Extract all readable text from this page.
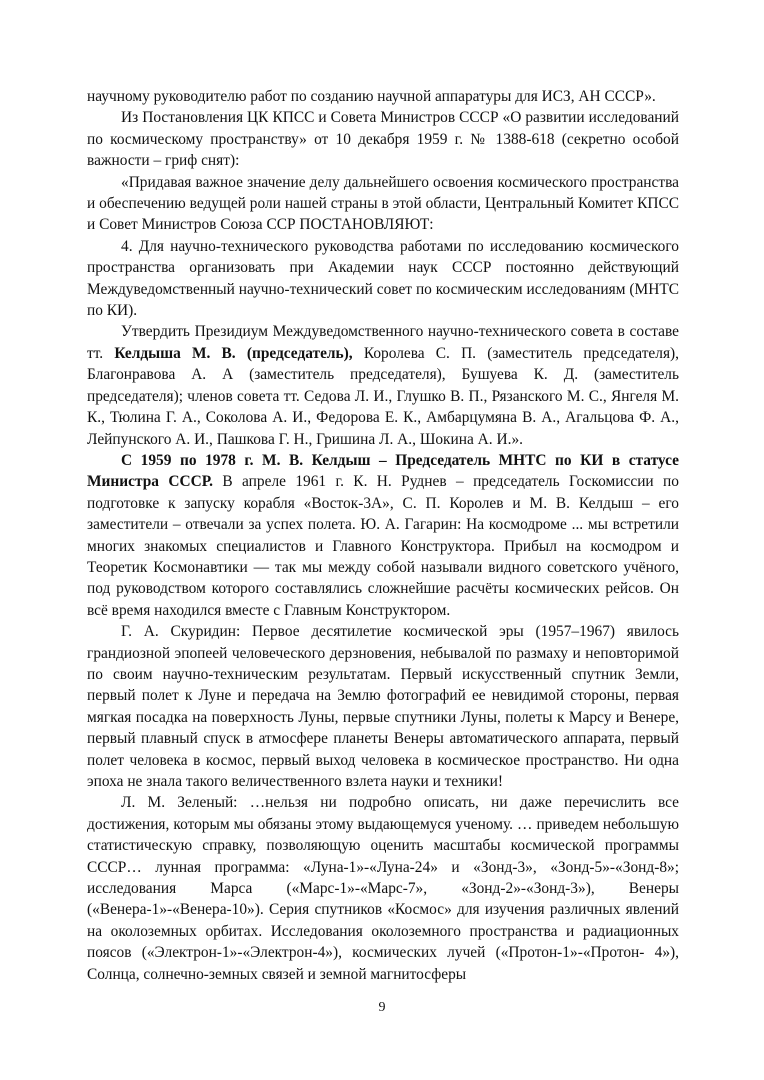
научному руководителю работ по созданию научной аппаратуры для ИСЗ, АН СССР».

Из Постановления ЦК КПСС и Совета Министров СССР «О развитии исследований по космическому пространству» от 10 декабря 1959 г. № 1388-618 (секретно особой важности – гриф снят):

«Придавая важное значение делу дальнейшего освоения космического пространства и обеспечению ведущей роли нашей страны в этой области, Центральный Комитет КПСС и Совет Министров Союза ССР ПОСТАНОВЛЯЮТ:

4. Для научно-технического руководства работами по исследованию космического пространства организовать при Академии наук СССР постоянно действующий Междуведомственный научно-технический совет по космическим исследованиям (МНТС по КИ).

Утвердить Президиум Междуведомственного научно-технического совета в составе тт. Келдыша М. В. (председатель), Королева С. П. (заместитель председателя), Благонравова А. А (заместитель председателя), Бушуева К. Д. (заместитель председателя); членов совета тт. Седова Л. И., Глушко В. П., Рязанского М. С., Янгеля М. К., Тюлина Г. А., Соколова А. И., Федорова Е. К., Амбарцумяна В. А., Агальцова Ф. А., Лейпунского А. И., Пашкова Г. Н., Гришина Л. А., Шокина А. И.».

С 1959 по 1978 г. М. В. Келдыш – Председатель МНТС по КИ в статусе Министра СССР. В апреле 1961 г. К. Н. Руднев – председатель Госкомиссии по подготовке к запуску корабля «Восток-3А», С. П. Королев и М. В. Келдыш – его заместители – отвечали за успех полета. Ю. А. Гагарин: На космодроме ... мы встретили многих знакомых специалистов и Главного Конструктора. Прибыл на космодром и Теоретик Космонавтики — так мы между собой называли видного советского учёного, под руководством которого составлялись сложнейшие расчёты космических рейсов. Он всё время находился вместе с Главным Конструктором.

Г. А. Скуридин: Первое десятилетие космической эры (1957–1967) явилось грандиозной эпопеей человеческого дерзновения, небывалой по размаху и неповторимой по своим научно-техническим результатам. Первый искусственный спутник Земли, первый полет к Луне и передача на Землю фотографий ее невидимой стороны, первая мягкая посадка на поверхность Луны, первые спутники Луны, полеты к Марсу и Венере, первый плавный спуск в атмосфере планеты Венеры автоматического аппарата, первый полет человека в космос, первый выход человека в космическое пространство. Ни одна эпоха не знала такого величественного взлета науки и техники!

Л. М. Зеленый: …нельзя ни подробно описать, ни даже перечислить все достижения, которым мы обязаны этому выдающемуся ученому. … приведем небольшую статистическую справку, позволяющую оценить масштабы космической программы СССР… лунная программа: «Луна-1»-«Луна-24» и «Зонд-3», «Зонд-5»-«Зонд-8»; исследования Марса («Марс-1»-«Марс-7», «Зонд-2»-«Зонд-3»), Венеры («Венера-1»-«Венера-10»). Серия спутников «Космос» для изучения различных явлений на околоземных орбитах. Исследования околоземного пространства и радиационных поясов («Электрон-1»-«Электрон-4»), космических лучей («Протон-1»-«Протон- 4»), Солнца, солнечно-земных связей и земной магнитосферы

9
